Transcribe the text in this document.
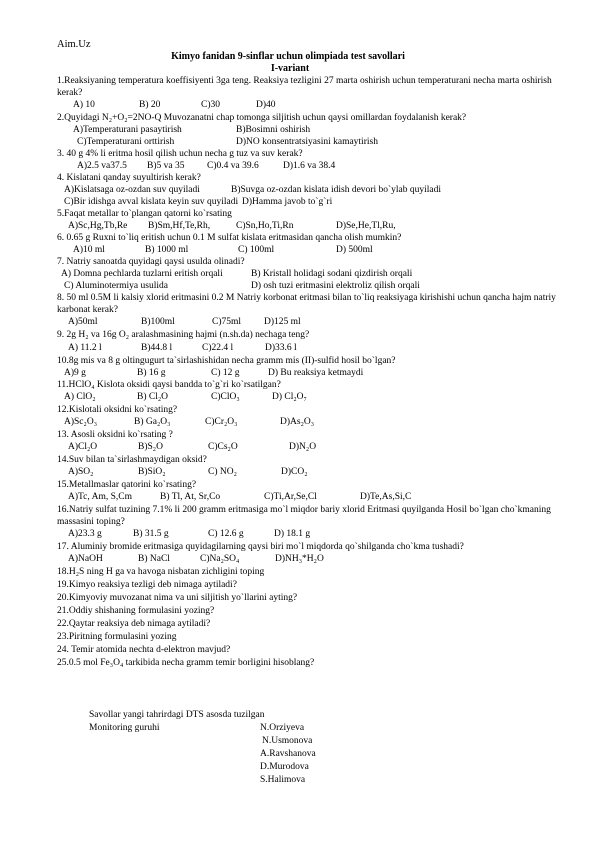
Aim.Uz
Kimyo fanidan 9-sinflar uchun olimpiada test savollari
I-variant
1.Reaksiyaning temperatura koeffisiyenti 3ga teng. Reaksiya tezligini 27 marta oshirish uchun temperaturani necha marta oshirish kerak?
A) 10	B) 20	C)30	D)40
2.Quyidagi N₂+O₂=2NO-Q Muvozanatni chap tomonga siljitish uchun qaysi omillardan foydalanish kerak?
A)Temperaturani pasaytirish	B)Bosimni oshirish
C)Temperaturani orttirish	D)NO konsentratsiyasini kamaytirish
3. 40 g 4% li eritma hosil qilish uchun necha g tuz va suv kerak?
A)2.5 va37.5 B)5 va 35 C)0.4 va 39.6	D)1.6 va 38.4
4. Kislatani qanday suyultirish kerak?
A)Kislatsaga oz-ozdan suv quyiladi	B)Suvga oz-ozdan kislata idish devori bo`ylab quyiladi
C)Bir idishga avval kislata keyin suv quyiladi D)Hamma javob to`g`ri
5.Faqat metallar to`plangan qatorni ko`rsating
A)Sc,Hg,Tb,Re B)Sm,Hf,Te,Rh,	C)Sn,Ho,Ti,Rn	D)Se,He,Tl,Ru,
6. 0.65 g Ruxni to`liq eritish uchun 0.1 M sulfat kislata eritmasidan qancha olish mumkin?
A)10 ml	B) 1000 ml	C) 100ml	D) 500ml
7. Natriy sanoatda quyidagi qaysi usulda olinadi?
A) Domna pechlarda tuzlarni eritish orqali	B) Kristall holidagi sodani qizdirish orqali
C) Aluminotermiya usulida	D) osh tuzi eritmasini elektroliz qilish orqali
8. 50 ml 0.5M li kalsiy xlorid eritmasini 0.2 M Natriy korbonat eritmasi bilan to`liq reaksiyaga kirishishi uchun qancha hajm natriy karbonat kerak?
A)50ml	B)100ml	C)75ml D)125 ml
9. 2g H₂ va 16g O₂ aralashmasining hajmi (n.sh.da) nechaga teng?
A) 11.2 l	B)44.8 l	C)22.4 l	D)33.6 l
10.8g mis va 8 g oltingugurt ta`sirlashishidan necha gramm mis (II)-sulfid hosil bo`lgan?
A)9 g	B) 16 g	C) 12 g	D) Bu reaksiya ketmaydi
11.HClO₄ Kislota oksidi qaysi bandda to`g`ri ko`rsatilgan?
A) ClO₂	B) Cl₂O	C)ClO₃	D) Cl₂O₇
12.Kislotali oksidni ko`rsating?
A)Sc₂O₃	B) Ga₂O₃	C)Cr₂O₃	D)As₂O₃
13. Asosli oksidni ko`rsating ?
A)Cl₂O	B)S₂O	C)Cs₂O	D)N₂O
14.Suv bilan ta`sirlashmaydigan oksid?
A)SO₂	B)SiO₂	C) NO₂	D)CO₂
15.Metallmaslar qatorini ko`rsating?
A)Tc, Am, S,Cm	B) Tl, At, Sr,Co	C)Ti,Ar,Se,Cl	D)Te,As,Si,C
16.Natriy sulfat tuzining 7.1% li 200 gramm eritmasiga mo`l miqdor bariy xlorid Eritmasi quyilganda Hosil bo`lgan cho`kmaning massasini toping?
A)23.3 g	B) 31.5 g	C) 12.6 g	D) 18.1 g
17. Aluminiy bromide eritmasiga quyidagilarning qaysi biri mo`l miqdorda qo`shilganda cho`kma tushadi?
A)NaOH	B) NaCl	C)Na₂SO₄	D)NH₃*H₂O
18.H₂S ning H ga va havoga nisbatan zichligini toping
19.Kimyo reaksiya tezligi deb nimaga aytiladi?
20.Kimyoviy muvozanat nima va uni siljitish yo`llarini ayting?
21.Oddiy shishaning formulasini yozing?
22.Qaytar reaksiya deb nimaga aytiladi?
23.Piritning formulasini yozing
24. Temir atomida nechta d-elektron mavjud?
25.0.5 mol Fe₃O₄ tarkibida necha gramm temir borligini hisoblang?
Savollar yangi tahrirdagi DTS asosda tuzilgan
Monitoring guruhi	N.Orziyeva
N.Usmonova
A.Ravshanova
D.Murodova
S.Halimova
